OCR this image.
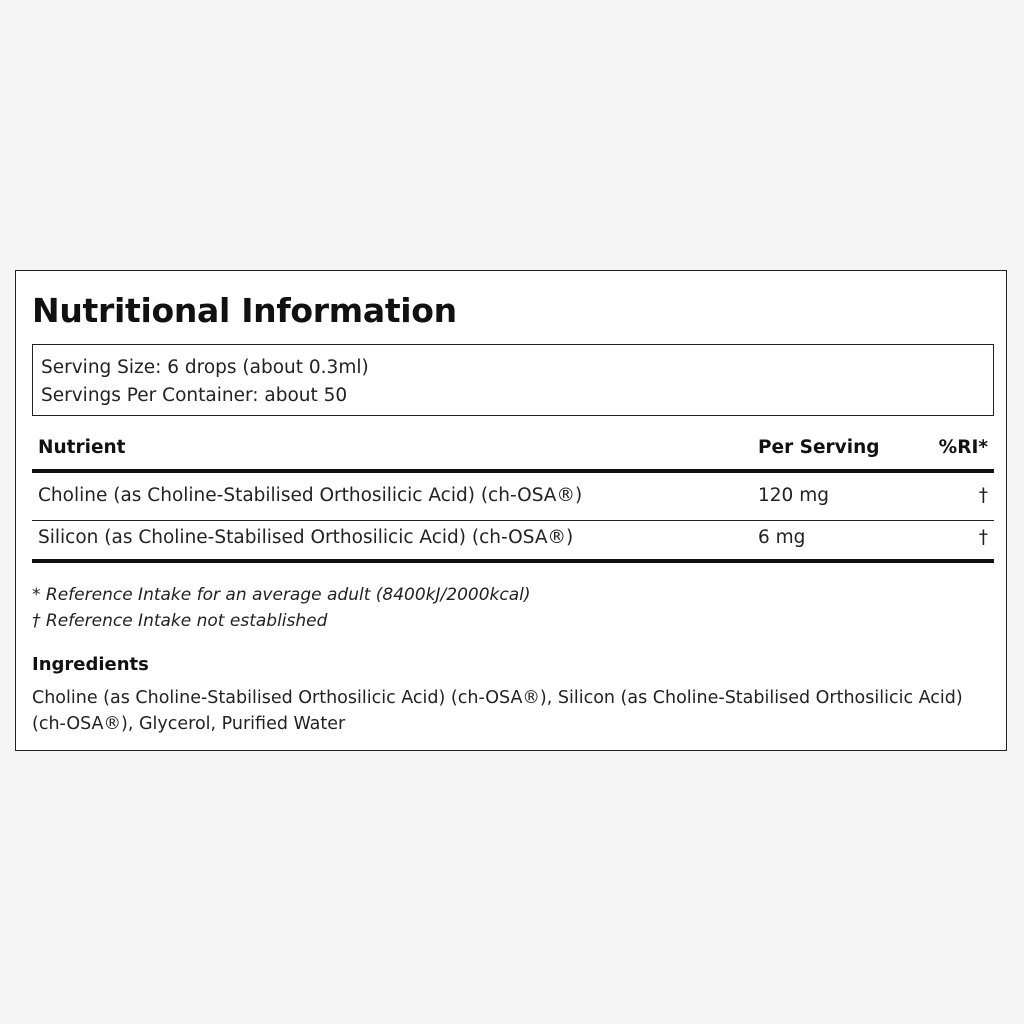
Nutritional Information
Serving Size: 6 drops (about 0.3ml)
Servings Per Container: about 50
Nutrient	Per Serving	%RI*
Choline (as Choline-Stabilised Orthosilicic Acid) (ch-OSA®)	120 mg	†
Silicon (as Choline-Stabilised Orthosilicic Acid) (ch-OSA®)	6 mg	†
* Reference Intake for an average adult (8400kJ/2000kcal)
† Reference Intake not established
Ingredients
Choline (as Choline-Stabilised Orthosilicic Acid) (ch-OSA®), Silicon (as Choline-Stabilised Orthosilicic Acid) (ch-OSA®), Glycerol, Purified Water
